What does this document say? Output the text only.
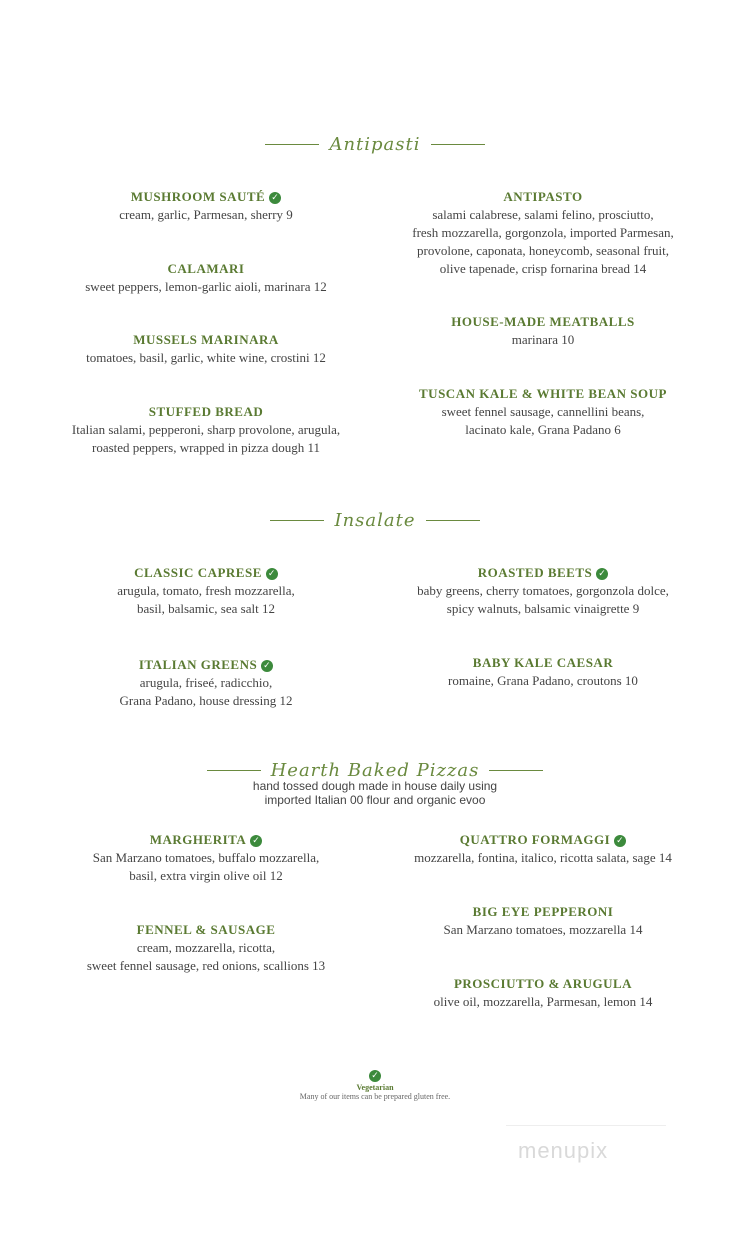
Antipasti
MUSHROOM SAUTÉ ✓
cream, garlic, Parmesan, sherry 9
CALAMARI
sweet peppers, lemon-garlic aioli, marinara 12
MUSSELS MARINARA
tomatoes, basil, garlic, white wine, crostini 12
STUFFED BREAD
Italian salami, pepperoni, sharp provolone, arugula,
roasted peppers, wrapped in pizza dough 11
ANTIPASTO
salami calabrese, salami felino, prosciutto,
fresh mozzarella, gorgonzola, imported Parmesan,
provolone, caponata, honeycomb, seasonal fruit,
olive tapenade, crisp fornarina bread 14
HOUSE-MADE MEATBALLS
marinara 10
TUSCAN KALE & WHITE BEAN SOUP
sweet fennel sausage, cannellini beans,
lacinato kale, Grana Padano 6
Insalate
CLASSIC CAPRESE ✓
arugula, tomato, fresh mozzarella,
basil, balsamic, sea salt 12
ITALIAN GREENS ✓
arugula, friseé, radicchio,
Grana Padano, house dressing 12
ROASTED BEETS ✓
baby greens, cherry tomatoes, gorgonzola dolce,
spicy walnuts, balsamic vinaigrette 9
BABY KALE CAESAR
romaine, Grana Padano, croutons 10
Hearth Baked Pizzas
hand tossed dough made in house daily using
imported Italian 00 flour and organic evoo
MARGHERITA ✓
San Marzano tomatoes, buffalo mozzarella,
basil, extra virgin olive oil 12
FENNEL & SAUSAGE
cream, mozzarella, ricotta,
sweet fennel sausage, red onions, scallions 13
QUATTRO FORMAGGI ✓
mozzarella, fontina, italico, ricotta salata, sage 14
BIG EYE PEPPERONI
San Marzano tomatoes, mozzarella 14
PROSCIUTTO & ARUGULA
olive oil, mozzarella, Parmesan, lemon 14
✓
Vegetarian
Many of our items can be prepared gluten free.
menupix
